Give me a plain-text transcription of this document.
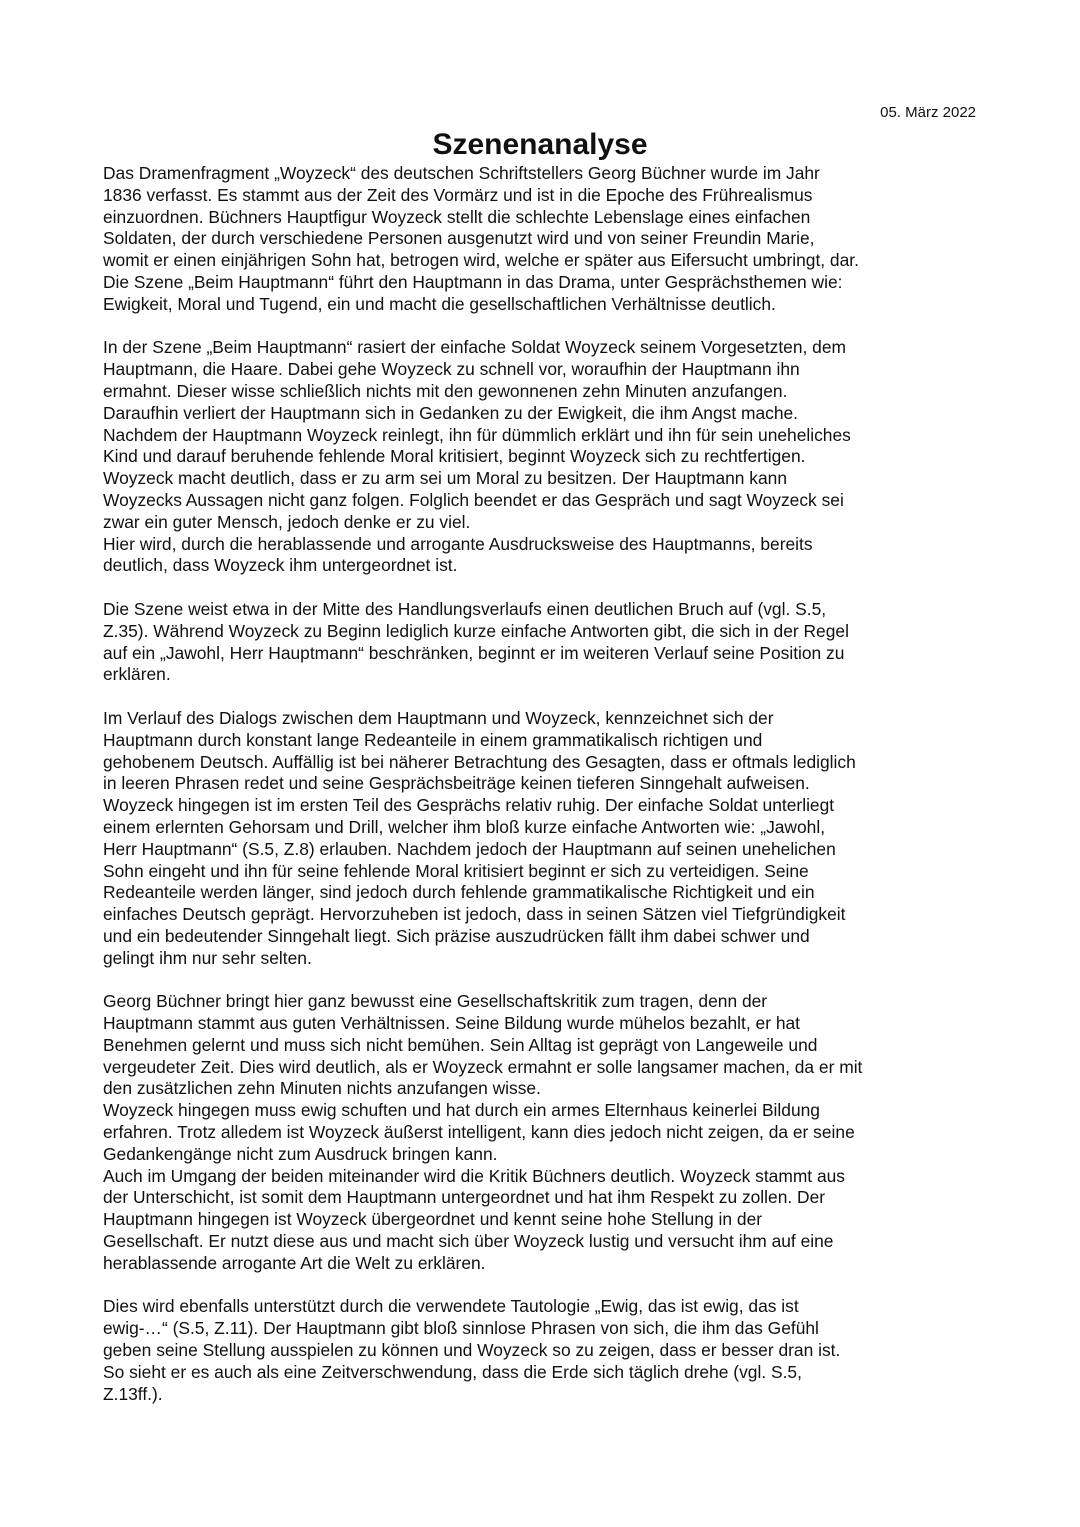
05. März 2022
Szenenanalyse

Das Dramenfragment „Woyzeck“ des deutschen Schriftstellers Georg Büchner wurde im Jahr
1836 verfasst. Es stammt aus der Zeit des Vormärz und ist in die Epoche des Frührealismus
einzuordnen. Büchners Hauptfigur Woyzeck stellt die schlechte Lebenslage eines einfachen
Soldaten, der durch verschiedene Personen ausgenutzt wird und von seiner Freundin Marie,
womit er einen einjährigen Sohn hat, betrogen wird, welche er später aus Eifersucht umbringt, dar.
Die Szene „Beim Hauptmann“ führt den Hauptmann in das Drama, unter Gesprächsthemen wie:
Ewigkeit, Moral und Tugend, ein und macht die gesellschaftlichen Verhältnisse deutlich.

In der Szene „Beim Hauptmann“ rasiert der einfache Soldat Woyzeck seinem Vorgesetzten, dem
Hauptmann, die Haare. Dabei gehe Woyzeck zu schnell vor, woraufhin der Hauptmann ihn
ermahnt. Dieser wisse schließlich nichts mit den gewonnenen zehn Minuten anzufangen.
Daraufhin verliert der Hauptmann sich in Gedanken zu der Ewigkeit, die ihm Angst mache.
Nachdem der Hauptmann Woyzeck reinlegt, ihn für dümmlich erklärt und ihn für sein uneheliches
Kind und darauf beruhende fehlende Moral kritisiert, beginnt Woyzeck sich zu rechtfertigen.
Woyzeck macht deutlich, dass er zu arm sei um Moral zu besitzen. Der Hauptmann kann
Woyzecks Aussagen nicht ganz folgen. Folglich beendet er das Gespräch und sagt Woyzeck sei
zwar ein guter Mensch, jedoch denke er zu viel.
Hier wird, durch die herablassende und arrogante Ausdrucksweise des Hauptmanns, bereits
deutlich, dass Woyzeck ihm untergeordnet ist.

Die Szene weist etwa in der Mitte des Handlungsverlaufs einen deutlichen Bruch auf (vgl. S.5,
Z.35). Während Woyzeck zu Beginn lediglich kurze einfache Antworten gibt, die sich in der Regel
auf ein „Jawohl, Herr Hauptmann“ beschränken, beginnt er im weiteren Verlauf seine Position zu
erklären.

Im Verlauf des Dialogs zwischen dem Hauptmann und Woyzeck, kennzeichnet sich der
Hauptmann durch konstant lange Redeanteile in einem grammatikalisch richtigen und
gehobenem Deutsch. Auffällig ist bei näherer Betrachtung des Gesagten, dass er oftmals lediglich
in leeren Phrasen redet und seine Gesprächsbeiträge keinen tieferen Sinngehalt aufweisen.
Woyzeck hingegen ist im ersten Teil des Gesprächs relativ ruhig. Der einfache Soldat unterliegt
einem erlernten Gehorsam und Drill, welcher ihm bloß kurze einfache Antworten wie: „Jawohl,
Herr Hauptmann“ (S.5, Z.8) erlauben. Nachdem jedoch der Hauptmann auf seinen unehelichen
Sohn eingeht und ihn für seine fehlende Moral kritisiert beginnt er sich zu verteidigen. Seine
Redeanteile werden länger, sind jedoch durch fehlende grammatikalische Richtigkeit und ein
einfaches Deutsch geprägt. Hervorzuheben ist jedoch, dass in seinen Sätzen viel Tiefgründigkeit
und ein bedeutender Sinngehalt liegt. Sich präzise auszudrücken fällt ihm dabei schwer und
gelingt ihm nur sehr selten.

Georg Büchner bringt hier ganz bewusst eine Gesellschaftskritik zum tragen, denn der
Hauptmann stammt aus guten Verhältnissen. Seine Bildung wurde mühelos bezahlt, er hat
Benehmen gelernt und muss sich nicht bemühen. Sein Alltag ist geprägt von Langeweile und
vergeudeter Zeit. Dies wird deutlich, als er Woyzeck ermahnt er solle langsamer machen, da er mit
den zusätzlichen zehn Minuten nichts anzufangen wisse.
Woyzeck hingegen muss ewig schuften und hat durch ein armes Elternhaus keinerlei Bildung
erfahren. Trotz alledem ist Woyzeck äußerst intelligent, kann dies jedoch nicht zeigen, da er seine
Gedankengänge nicht zum Ausdruck bringen kann.
Auch im Umgang der beiden miteinander wird die Kritik Büchners deutlich. Woyzeck stammt aus
der Unterschicht, ist somit dem Hauptmann untergeordnet und hat ihm Respekt zu zollen. Der
Hauptmann hingegen ist Woyzeck übergeordnet und kennt seine hohe Stellung in der
Gesellschaft. Er nutzt diese aus und macht sich über Woyzeck lustig und versucht ihm auf eine
herablassende arrogante Art die Welt zu erklären.

Dies wird ebenfalls unterstützt durch die verwendete Tautologie „Ewig, das ist ewig, das ist
ewig-…“ (S.5, Z.11). Der Hauptmann gibt bloß sinnlose Phrasen von sich, die ihm das Gefühl
geben seine Stellung ausspielen zu können und Woyzeck so zu zeigen, dass er besser dran ist.
So sieht er es auch als eine Zeitverschwendung, dass die Erde sich täglich drehe (vgl. S.5,
Z.13ff.).
